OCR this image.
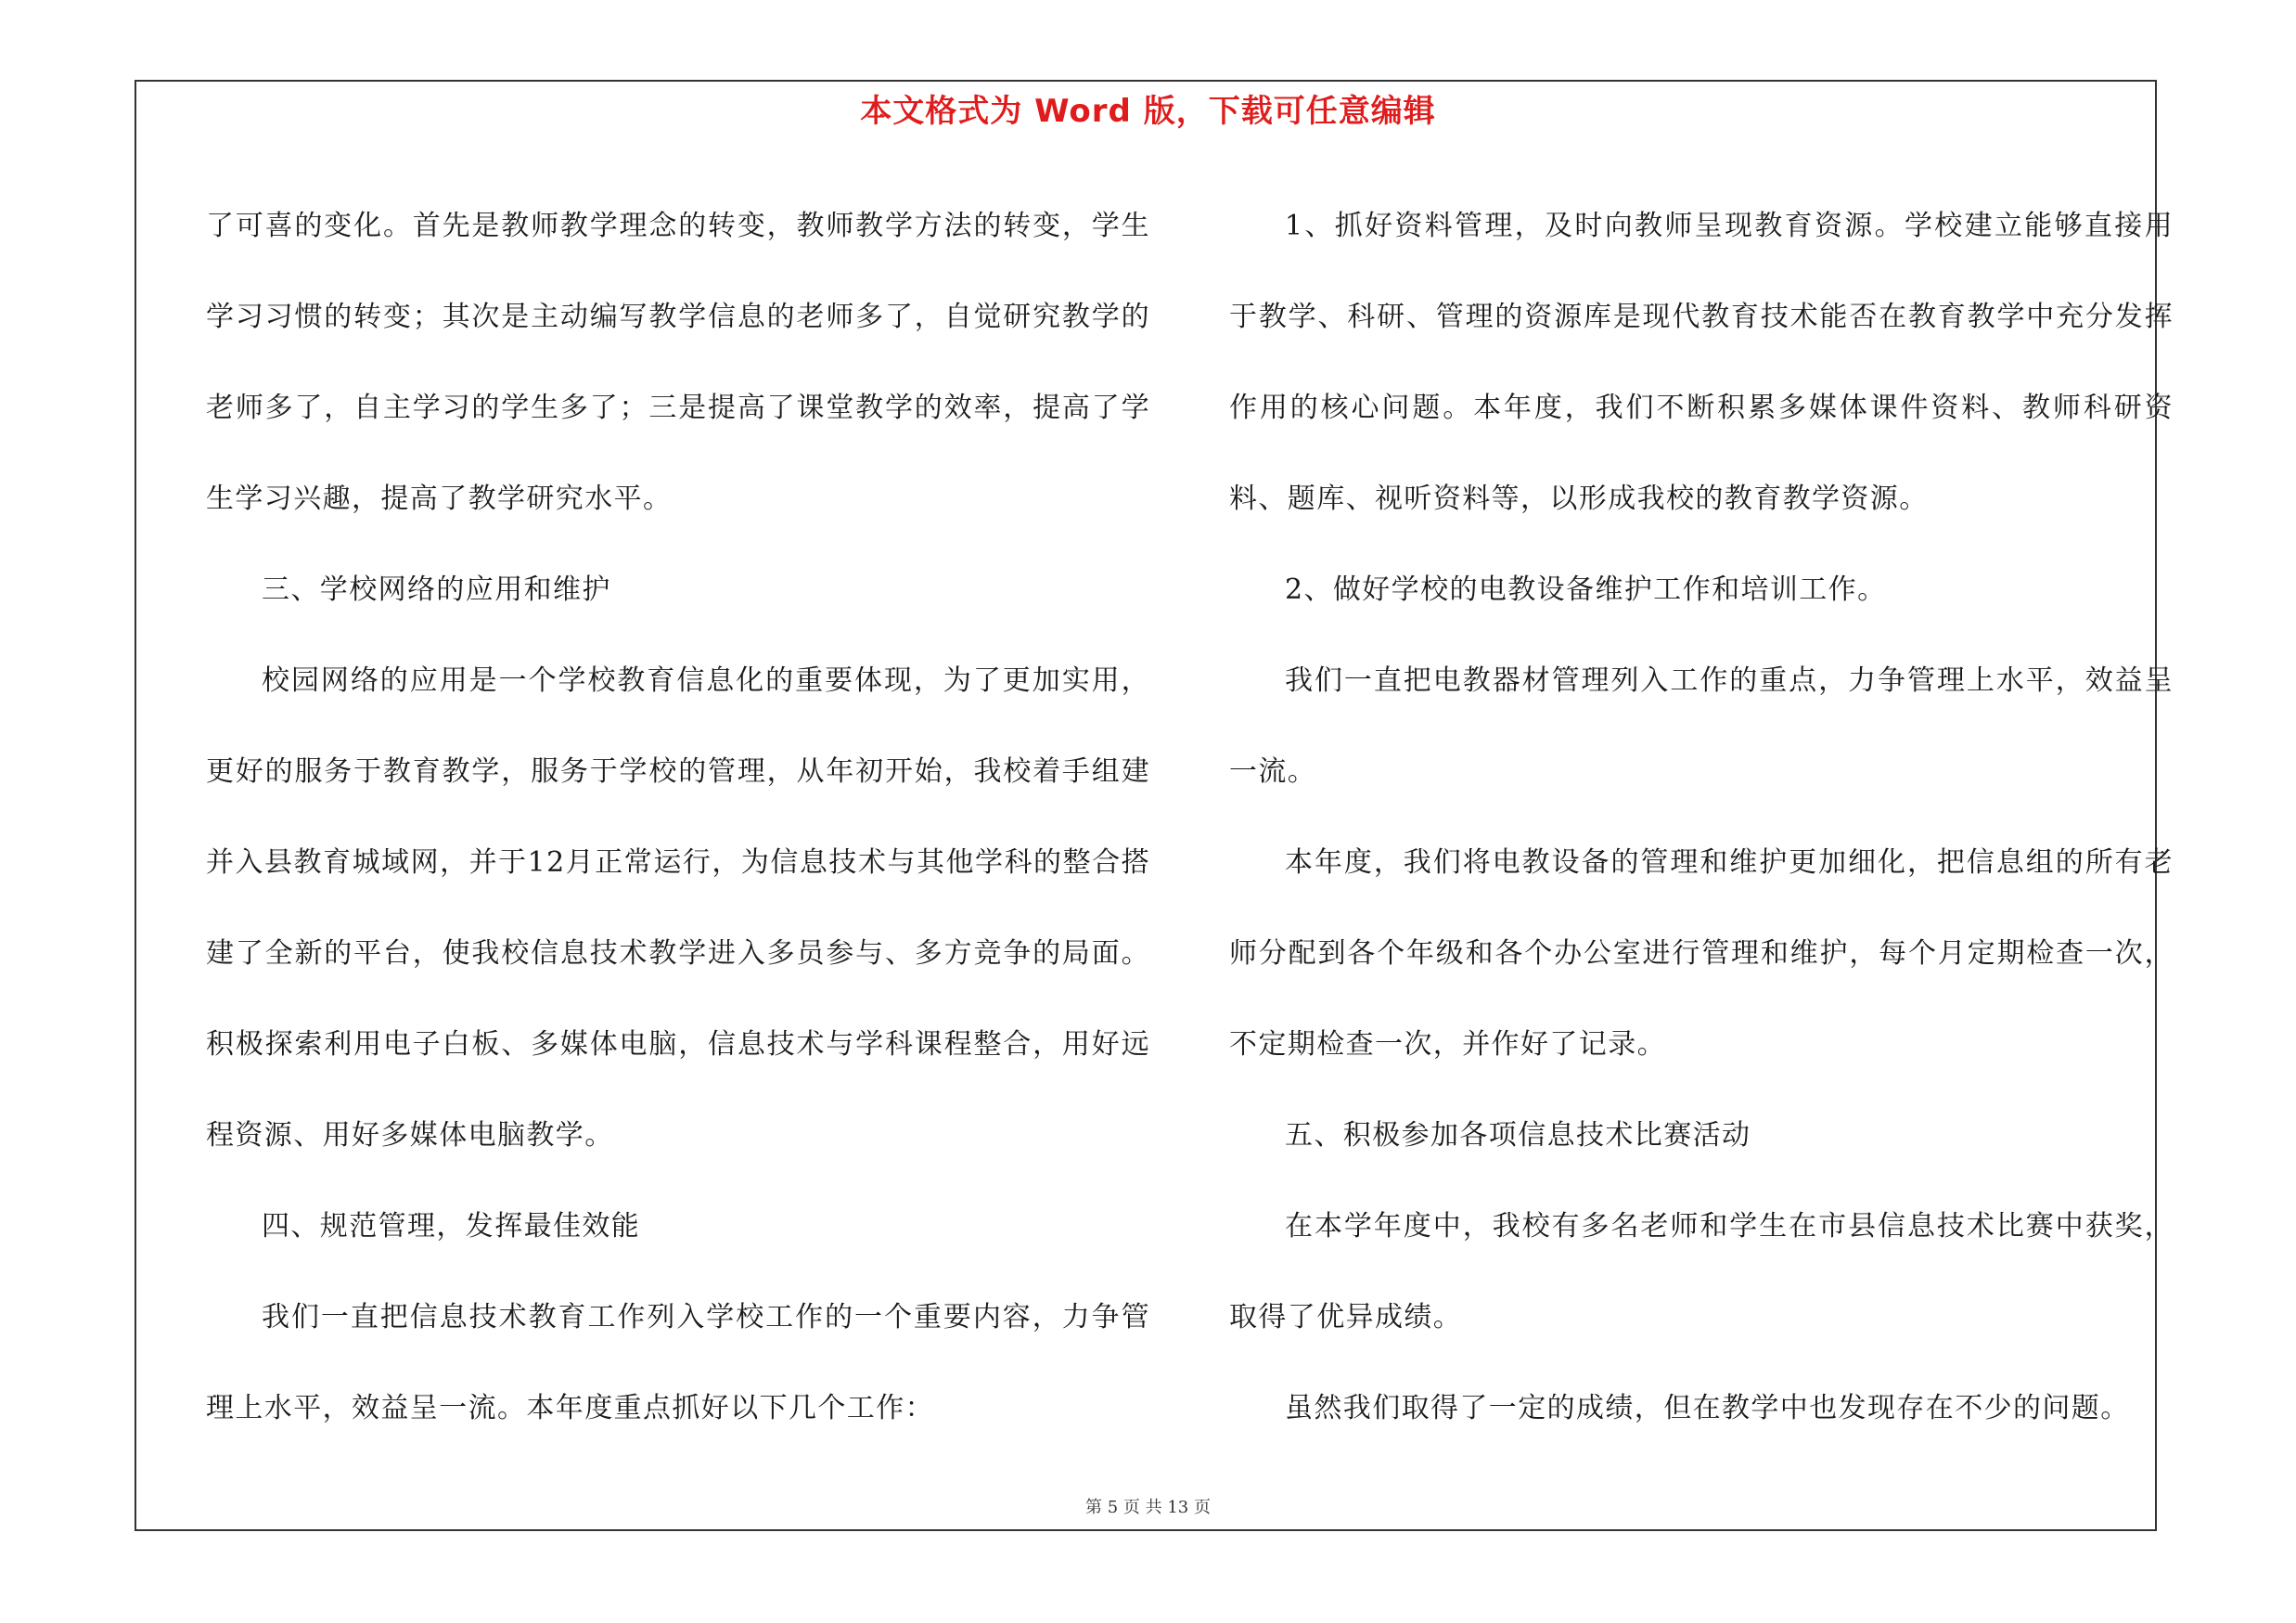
本文格式为 Word 版，下载可任意编辑

了可喜的变化。首先是教师教学理念的转变，教师教学方法的转变，学生学习习惯的转变；其次是主动编写教学信息的老师多了，自觉研究教学的老师多了，自主学习的学生多了；三是提高了课堂教学的效率，提高了学生学习兴趣，提高了教学研究水平。

三、学校网络的应用和维护

校园网络的应用是一个学校教育信息化的重要体现，为了更加实用，更好的服务于教育教学，服务于学校的管理，从年初开始，我校着手组建并入县教育城域网，并于12月正常运行，为信息技术与其他学科的整合搭建了全新的平台，使我校信息技术教学进入多员参与、多方竞争的局面。积极探索利用电子白板、多媒体电脑，信息技术与学科课程整合，用好远程资源、用好多媒体电脑教学。

四、规范管理，发挥最佳效能

我们一直把信息技术教育工作列入学校工作的一个重要内容，力争管理上水平，效益呈一流。本年度重点抓好以下几个工作：

1、抓好资料管理，及时向教师呈现教育资源。学校建立能够直接用于教学、科研、管理的资源库是现代教育技术能否在教育教学中充分发挥作用的核心问题。本年度，我们不断积累多媒体课件资料、教师科研资料、题库、视听资料等，以形成我校的教育教学资源。

2、做好学校的电教设备维护工作和培训工作。

我们一直把电教器材管理列入工作的重点，力争管理上水平，效益呈一流。

本年度，我们将电教设备的管理和维护更加细化，把信息组的所有老师分配到各个年级和各个办公室进行管理和维护，每个月定期检查一次，不定期检查一次，并作好了记录。

五、积极参加各项信息技术比赛活动

在本学年度中，我校有多名老师和学生在市县信息技术比赛中获奖，取得了优异成绩。

虽然我们取得了一定的成绩，但在教学中也发现存在不少的问题。

第 5 页 共 13 页
